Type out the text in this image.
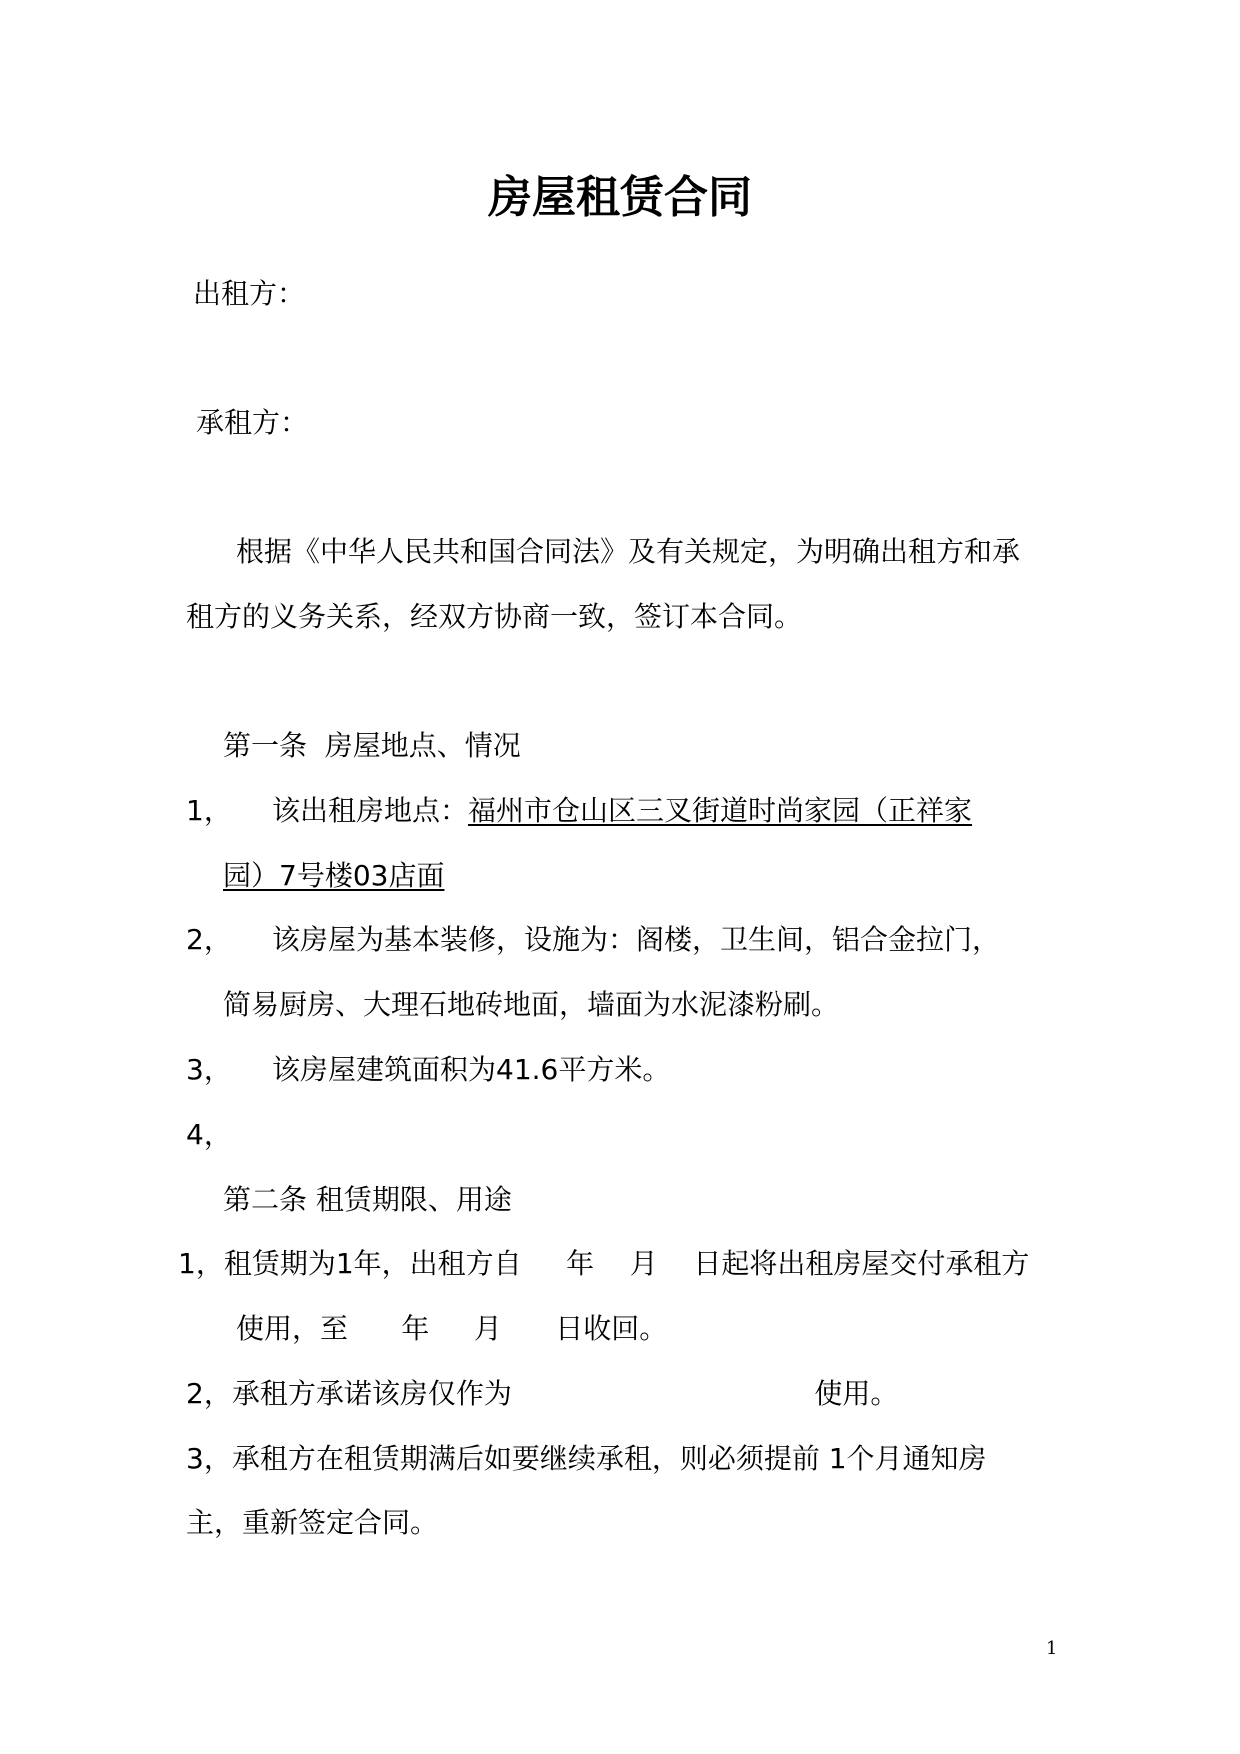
房屋租赁合同
出租方：
承租方：
根据《中华人民共和国合同法》及有关规定，为明确出租方和承
租方的义务关系，经双方协商一致，签订本合同。
第一条  房屋地点、情况
1， 该出租房地点：福州市仓山区三叉街道时尚家园（正祥家
园）7号楼03店面
2， 该房屋为基本装修，设施为：阁楼，卫生间，铝合金拉门，
简易厨房、大理石地砖地面，墙面为水泥漆粉刷。
3， 该房屋建筑面积为41.6平方米。
4，
第二条 租赁期限、用途
1，租赁期为1年，出租方自     年    月    日起将出租房屋交付承租方
使用，至      年     月      日收回。
2，承租方承诺该房仅作为                                  使用。
3，承租方在租赁期满后如要继续承租，则必须提前 1个月通知房
主，重新签定合同。
1
